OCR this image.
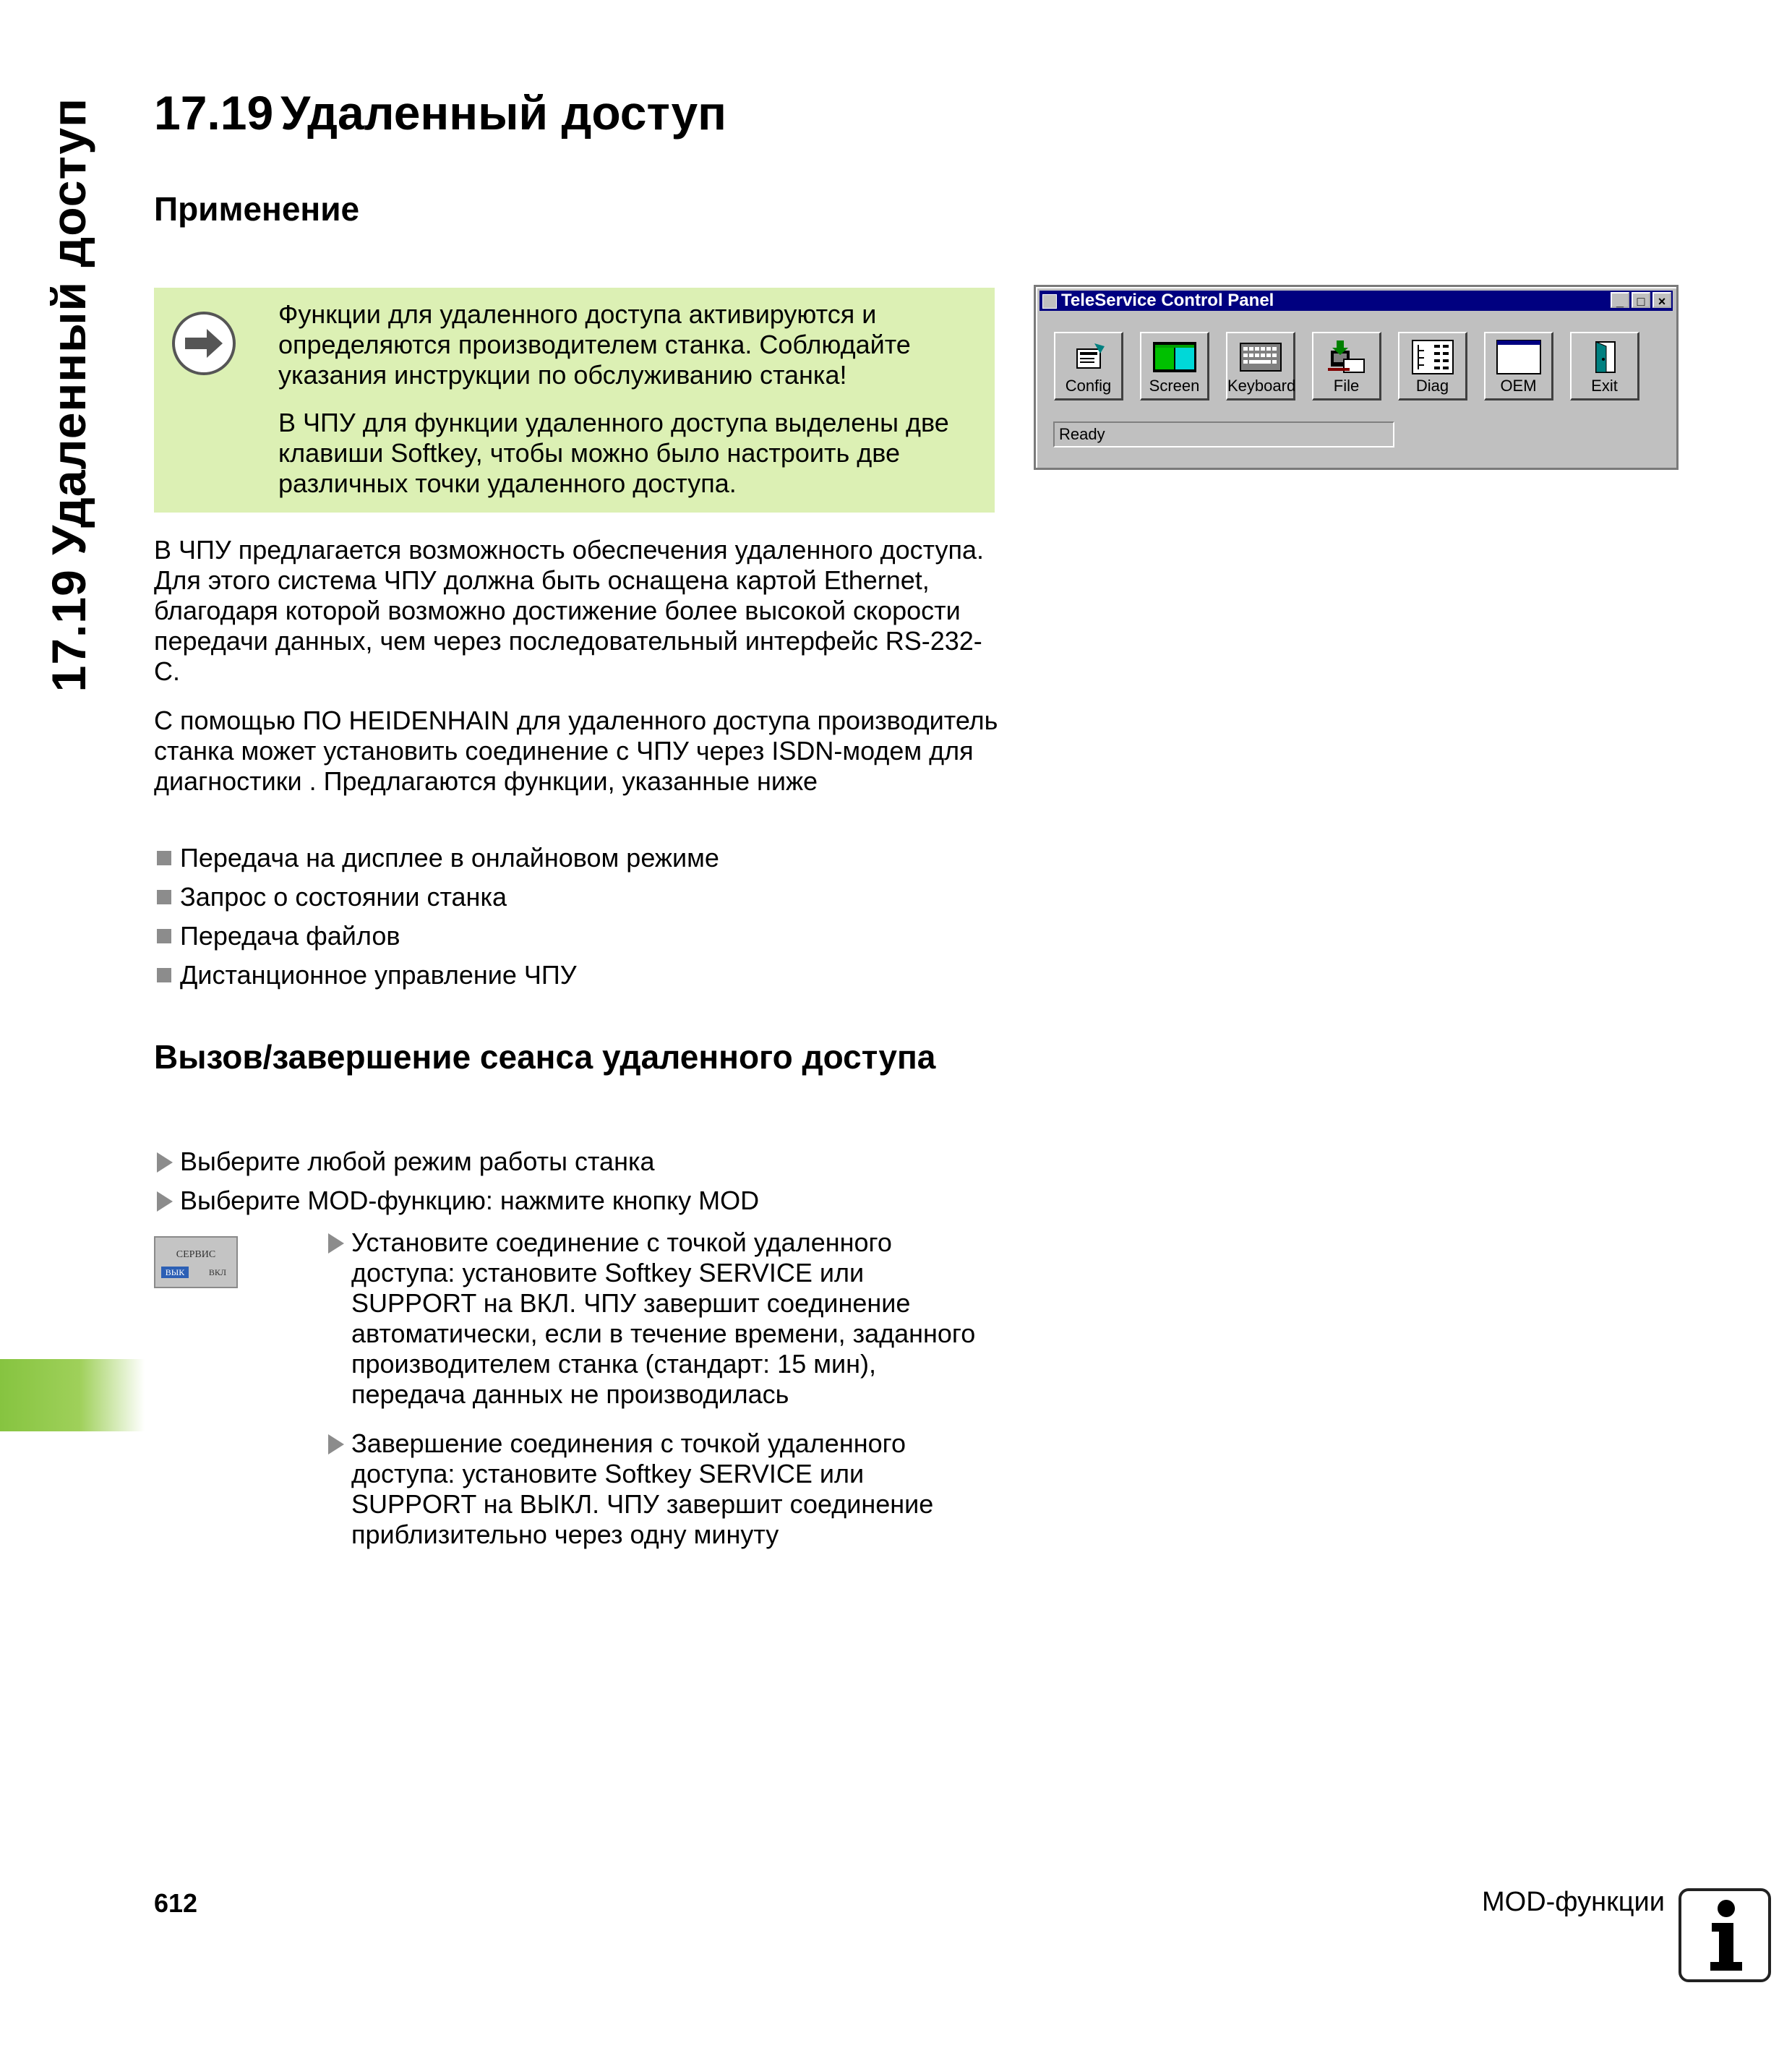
17.19 Удаленный доступ 17.19 Удаленный доступ
Применение

Функции для удаленного доступа активируются и определяются производителем станка. Соблюдайте указания инструкции по обслуживанию станка!

В ЧПУ для функции удаленного доступа выделены две клавиши Softkey, чтобы можно было настроить две различных точки удаленного доступа.

В ЧПУ предлагается возможность обеспечения удаленного доступа. Для этого система ЧПУ должна быть оснащена картой Ethernet, благодаря которой возможно достижение более высокой скорости передачи данных, чем через последовательный интерфейс RS-232-C.
С помощью ПО HEIDENHAIN для удаленного доступа производитель станка может установить соединение с ЧПУ через ISDN-модем для диагностики . Предлагаются функции, указанные ниже
Передача на дисплее в онлайновом режиме
Запрос о состоянии станка
Передача файлов
Дистанционное управление ЧПУ
Вызов/завершение сеанса удаленного доступа
Выберите любой режим работы станка
Выберите MOD-функцию: нажмите кнопку MOD
СЕРВИС
ВЫК	ВКЛ
Установите соединение с точкой удаленного доступа: установите Softkey SERVICE или SUPPORT на ВКЛ. ЧПУ завершит соединение автоматически, если в течение времени, заданного производителем станка (стандарт: 15 мин), передача данных не производилась
Завершение соединения с точкой удаленного доступа: установите Softkey SERVICE или SUPPORT на ВЫКЛ. ЧПУ завершит соединение приблизительно через одну минуту
TeleService Control Panel	_	□	×
Config	Screen	Keyboard	File	Diag	OEM	Exit
Ready
612	MOD-функции
